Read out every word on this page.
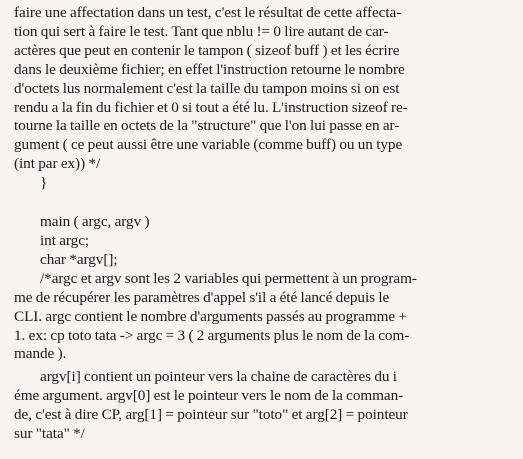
faire une affectation dans un test, c'est le résultat de cette affecta-
tion qui sert à faire le test. Tant que nblu != 0 lire autant de car-
actères que peut en contenir le tampon ( sizeof buff ) et les écrire
dans le deuxième fichier; en effet l'instruction retourne le nombre
d'octets lus normalement c'est la taille du tampon moins si on est
rendu a la fin du fichier et 0 si tout a été lu. L'instruction sizeof re-
tourne la taille en octets de la "structure" que l'on lui passe en ar-
gument ( ce peut aussi être une variable (comme buff) ou un type
(int par ex)) */
}
main ( argc, argv )
int argc;
char *argv[];
/*argc et argv sont les 2 variables qui permettent à un program-
me de récupérer les paramètres d'appel s'il a été lancé depuis le
CLI. argc contient le nombre d'arguments passés au programme +
1. ex: cp toto tata -> argc = 3 ( 2 arguments plus le nom de la com-
mande ).
argv[i] contient un pointeur vers la chaine de caractères du i
éme argument. argv[0] est le pointeur vers le nom de la comman-
de, c'est à dire CP, arg[1] = pointeur sur "toto" et arg[2] = pointeur
sur "tata" */
